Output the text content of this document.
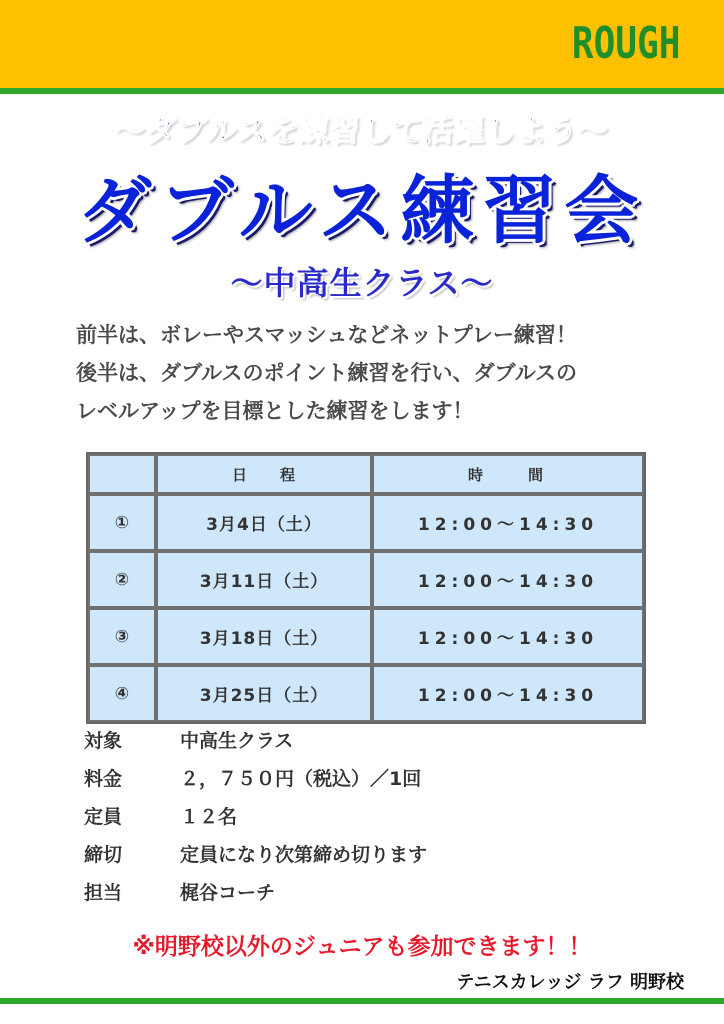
ROUGH
〜ダブルスを練習して活躍しよう〜
ダブルス練習会
〜中高生クラス〜
前半は、ボレーやスマッシュなどネットプレー練習！
後半は、ダブルスのポイント練習を行い、ダブルスの
レベルアップを目標とした練習をします！
	日　　程	時　　間
①	3月4日（土）	12:00〜14:30
②	3月11日（土）	12:00〜14:30
③	3月18日（土）	12:00〜14:30
④	3月25日（土）	12:00〜14:30
対象	中高生クラス
料金	２，７５０円（税込）／1回
定員	１２名
締切	定員になり次第締め切ります
担当	梶谷コーチ
※明野校以外のジュニアも参加できます！！
テニスカレッジ ラフ 明野校
